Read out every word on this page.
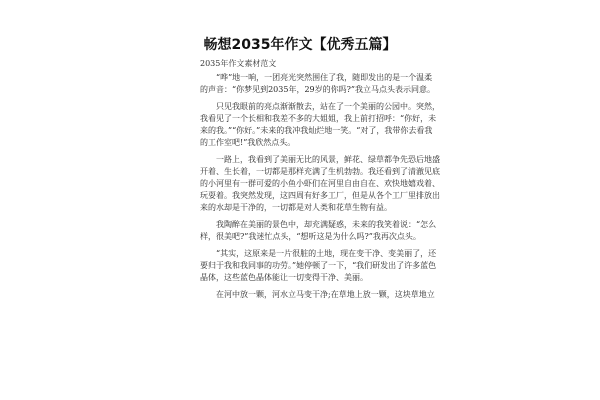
畅想2035年作文【优秀五篇】
2035年作文素材范文
“哗”地一响，一团亮光突然围住了我，随即发出的是一个温柔
的声音：“你梦见到2035年，29岁的你吗?”我立马点头表示同意。
只见我眼前的亮点渐渐散去，站在了一个美丽的公园中。突然，
我看见了一个长相和我差不多的大姐姐，我上前打招呼：“你好，未
来的我。”“你好。”未来的我冲我灿烂地一笑。“对了，我带你去看我
的工作室吧!”我欣然点头。
一路上，我看到了美丽无比的风景，鲜花、绿草都争先恐后地盛
开着、生长着，一切都是那样充满了生机勃勃。我还看到了清澈见底
的小河里有一群可爱的小鱼小虾们在河里自由自在、欢快地嬉戏着、
玩耍着。我突然发现，这四周有好多工厂，但是从各个工厂里排放出
来的水却是干净的，一切都是对人类和花草生物有益。
我陶醉在美丽的景色中，却充满疑惑，未来的我笑着说：“怎么
样，很美吧?”我迷忙点头，“想听这是为什么吗?”我再次点头。
“其实，这原来是一片很脏的土地，现在变干净、变美丽了，还
要归于我和我同事的功劳。”她停顿了一下，“我们研发出了许多蓝色
晶体，这些蓝色晶体能让一切变得干净、美丽。
在河中放一颗，河水立马变干净;在草地上放一颗，这块草地立
